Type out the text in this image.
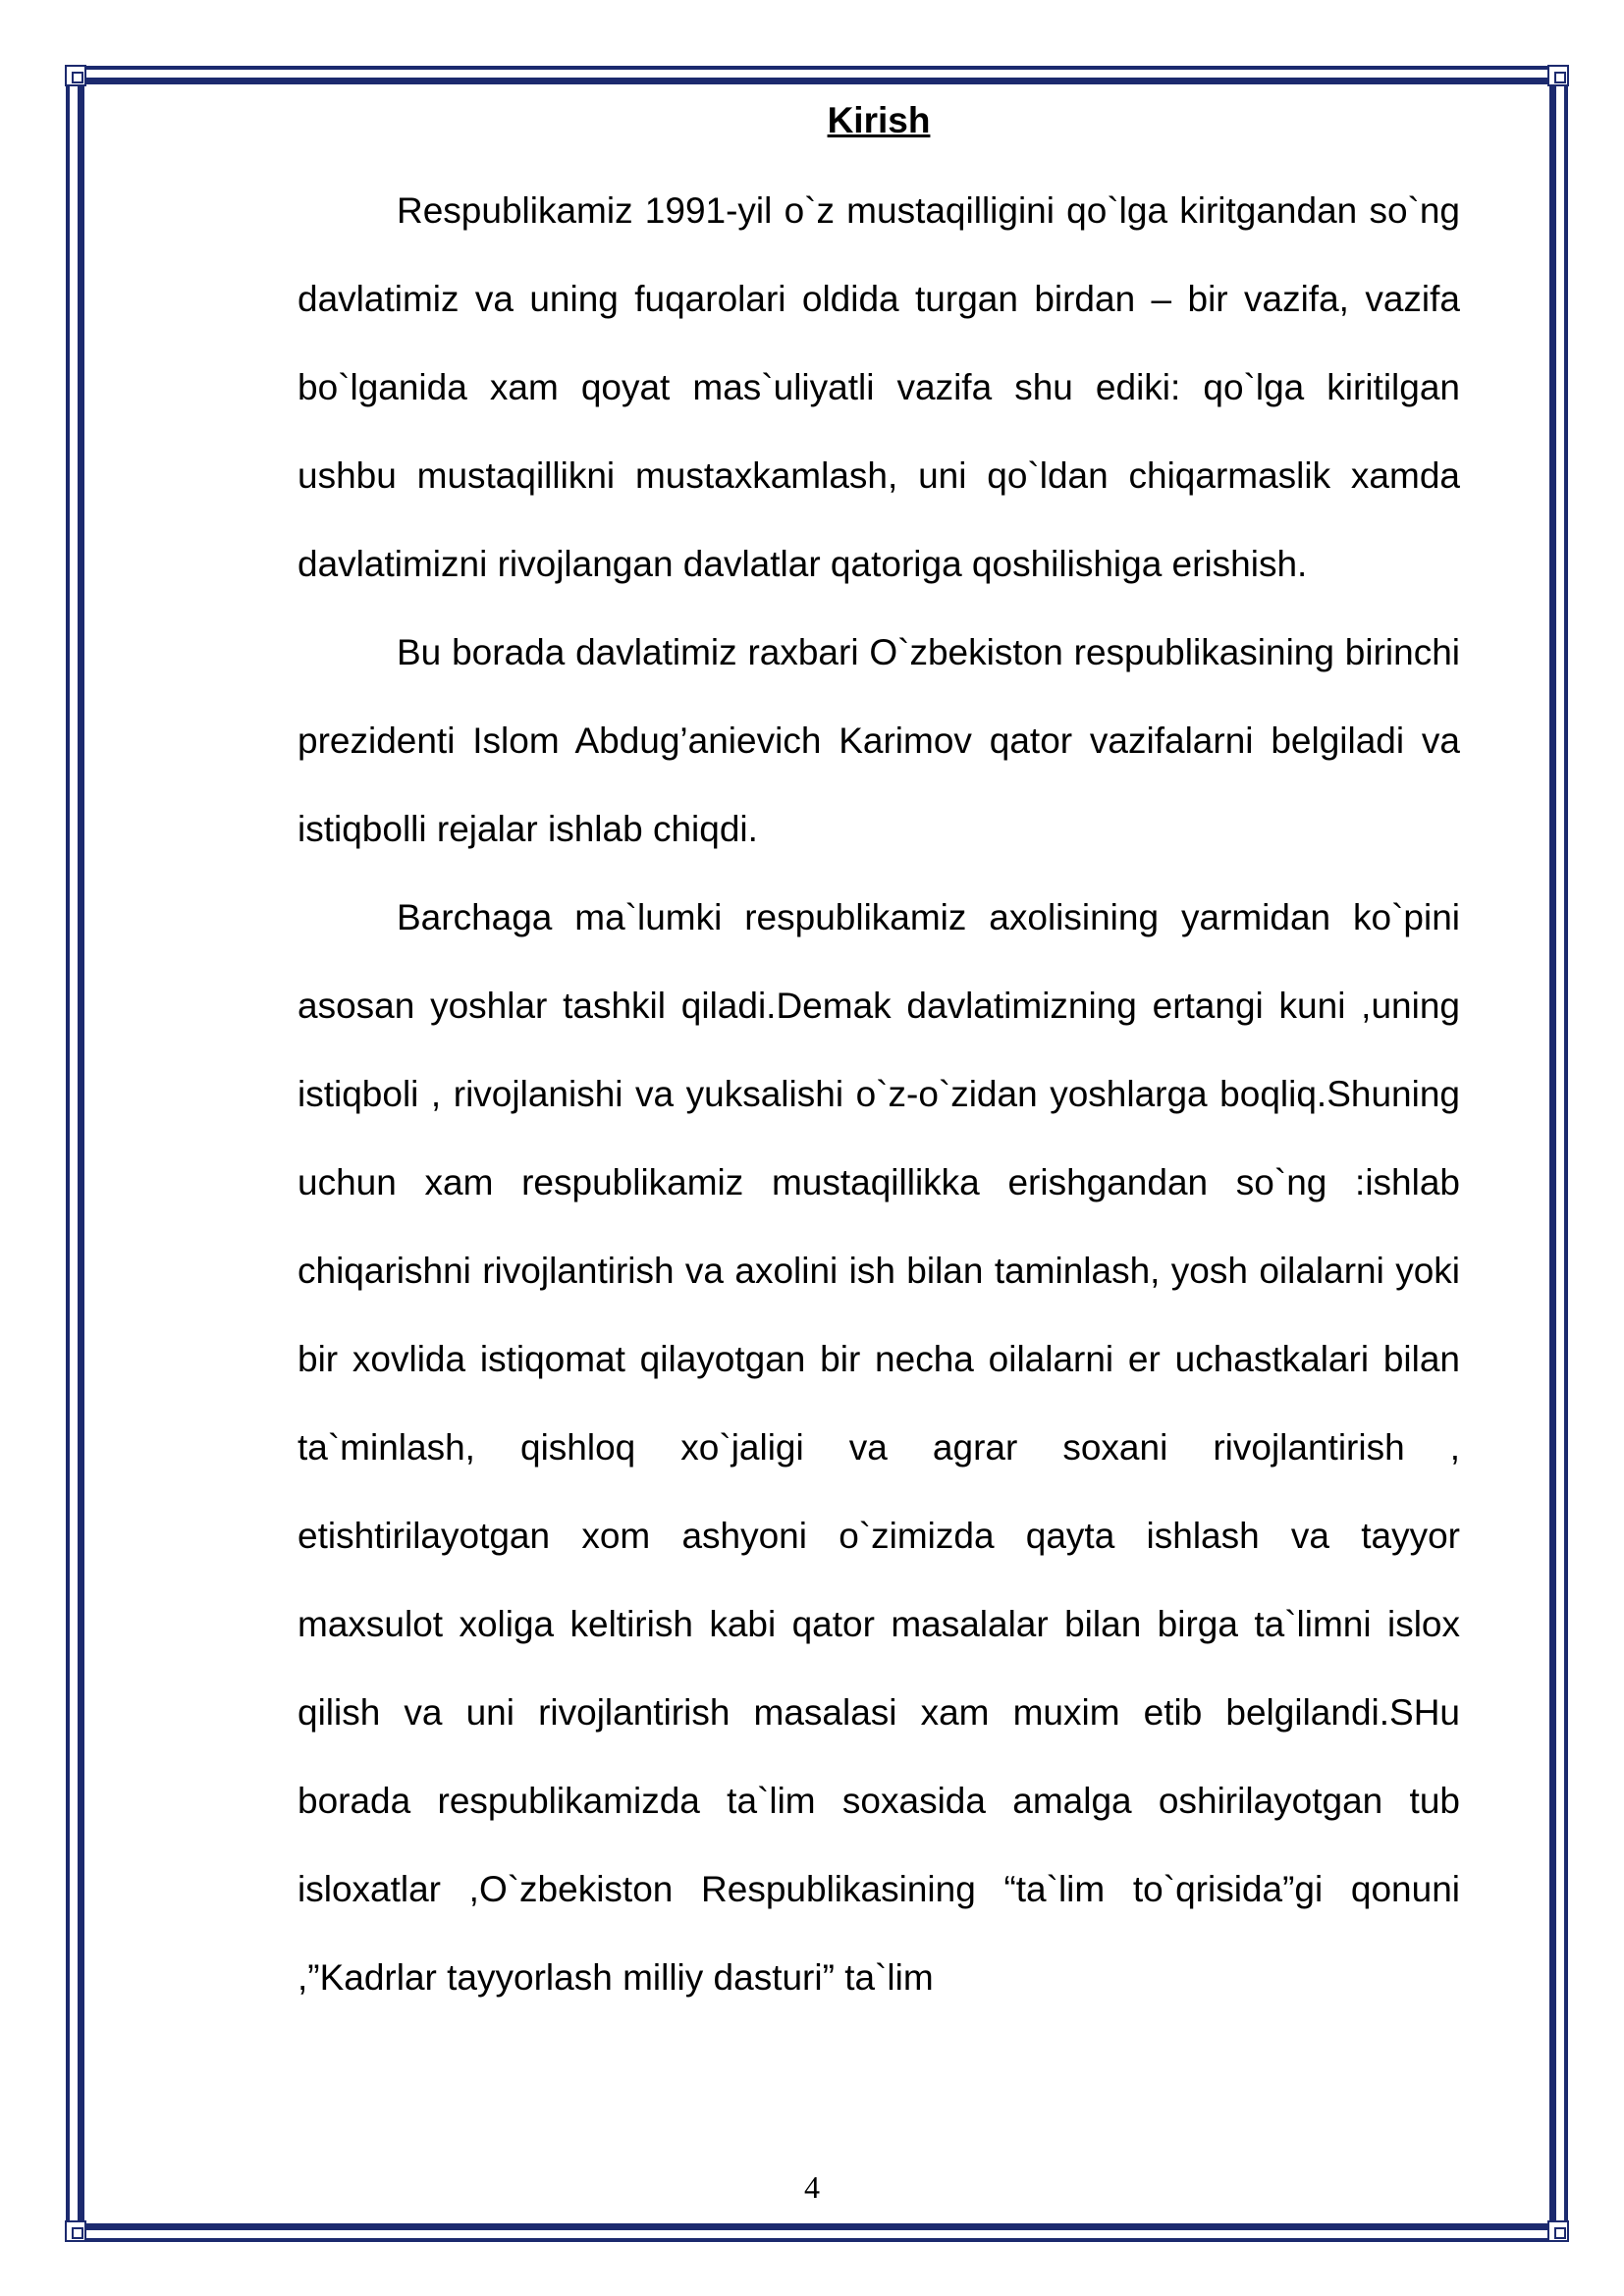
Kirish

Respublikamiz 1991-yil o`z mustaqilligini qo`lga kiritgandan so`ng davlatimiz va uning fuqarolari oldida turgan birdan – bir vazifa, vazifa bo`lganida xam qoyat mas`uliyatli vazifa shu ediki: qo`lga kiritilgan ushbu mustaqillikni mustaxkamlash, uni qo`ldan chiqarmaslik xamda davlatimizni rivojlangan davlatlar qatoriga qoshilishiga erishish.

Bu borada davlatimiz raxbari O`zbekiston respublikasining birinchi prezidenti Islom Abdug’anievich Karimov qator vazifalarni belgiladi va istiqbolli rejalar ishlab chiqdi.

Barchaga ma`lumki respublikamiz axolisining yarmidan ko`pini asosan yoshlar tashkil qiladi.Demak davlatimizning ertangi kuni ,uning istiqboli , rivojlanishi va yuksalishi o`z-o`zidan yoshlarga boqliq.Shuning uchun xam respublikamiz mustaqillikka erishgandan so`ng :ishlab chiqarishni rivojlantirish va axolini ish bilan taminlash, yosh oilalarni yoki bir xovlida istiqomat qilayotgan bir necha oilalarni er uchastkalari bilan ta`minlash, qishloq xo`jaligi va agrar soxani rivojlantirish , etishtirilayotgan xom ashyoni o`zimizda qayta ishlash va tayyor maxsulot xoliga keltirish kabi qator masalalar bilan birga ta`limni islox qilish va uni rivojlantirish masalasi xam muxim etib belgilandi.SHu borada respublikamizda ta`lim soxasida amalga oshirilayotgan tub isloxatlar ,O`zbekiston Respublikasining “ta`lim to`qrisida”gi qonuni ,”Kadrlar tayyorlash milliy dasturi” ta`lim

4
